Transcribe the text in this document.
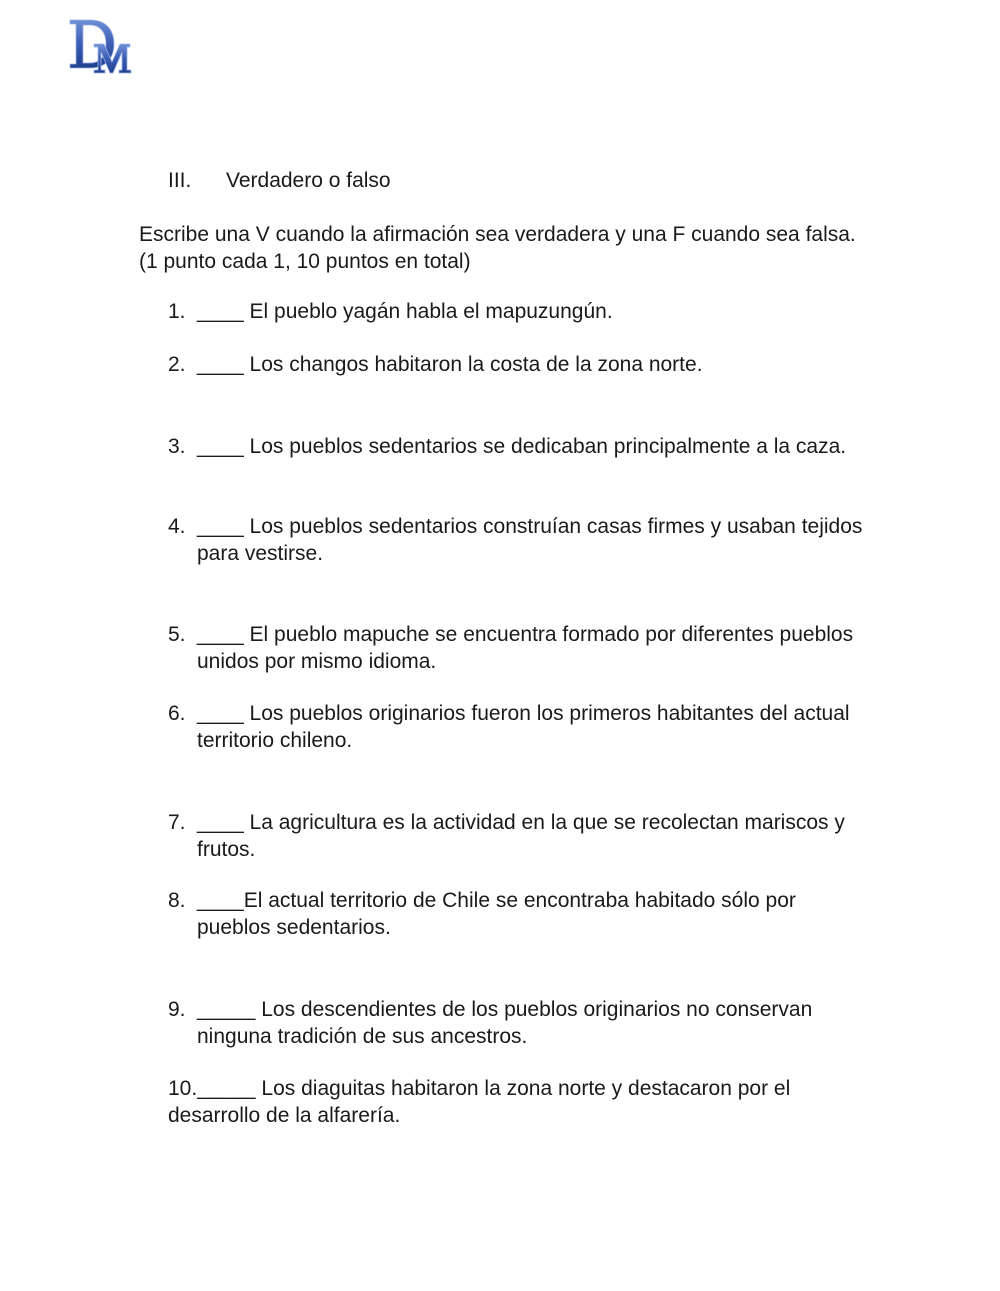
III. Verdadero o falso
Escribe una V cuando la afirmación sea verdadera y una F cuando sea falsa. (1 punto cada 1, 10 puntos en total)
1. ____ El pueblo yagán habla el mapuzungún.
2. ____ Los changos habitaron la costa de la zona norte.
3. ____ Los pueblos sedentarios se dedicaban principalmente a la caza.
4. ____ Los pueblos sedentarios construían casas firmes y usaban tejidos para vestirse.
5. ____ El pueblo mapuche se encuentra formado por diferentes pueblos unidos por mismo idioma.
6. ____ Los pueblos originarios fueron los primeros habitantes del actual territorio chileno.
7. ____ La agricultura es la actividad en la que se recolectan mariscos y frutos.
8. ____El actual territorio de Chile se encontraba habitado sólo por pueblos sedentarios.
9. _____ Los descendientes de los pueblos originarios no conservan ninguna tradición de sus ancestros.
10._____ Los diaguitas habitaron la zona norte y destacaron por el desarrollo de la alfarería.
